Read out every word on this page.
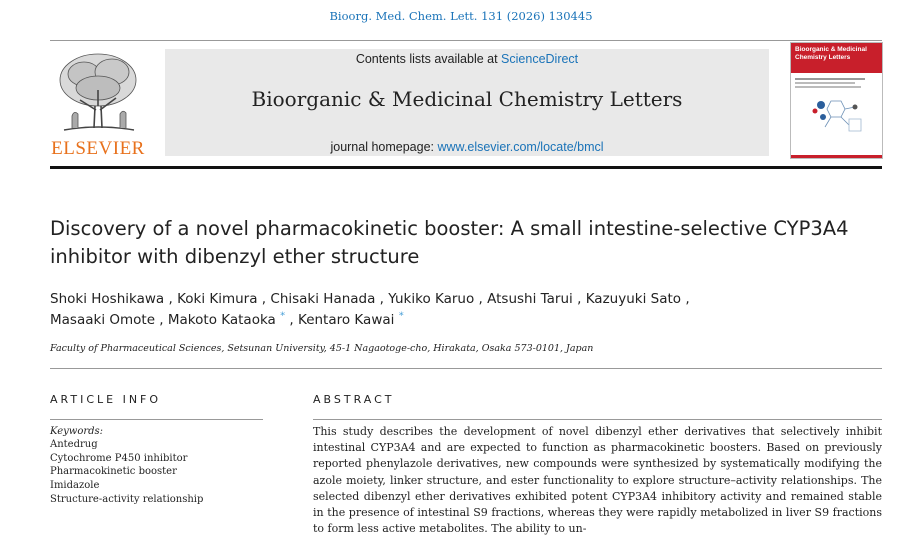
Bioorg. Med. Chem. Lett. 131 (2026) 130445
ELSEVIER
Contents lists available at ScienceDirect
Bioorganic & Medicinal Chemistry Letters
journal homepage: www.elsevier.com/locate/bmcl
Bioorganic & Medicinal Chemistry Letters
Discovery of a novel pharmacokinetic booster: A small intestine-selective CYP3A4 inhibitor with dibenzyl ether structure
Shoki Hoshikawa , Koki Kimura , Chisaki Hanada , Yukiko Karuo , Atsushi Tarui , Kazuyuki Sato ,
Masaaki Omote , Makoto Kataoka * , Kentaro Kawai *
Faculty of Pharmaceutical Sciences, Setsunan University, 45-1 Nagaotoge-cho, Hirakata, Osaka 573-0101, Japan
ARTICLE INFO	ABSTRACT
Keywords:
Antedrug
Cytochrome P450 inhibitor
Pharmacokinetic booster
Imidazole
Structure-activity relationship

This study describes the development of novel dibenzyl ether derivatives that selectively inhibit intestinal CYP3A4 and are expected to function as pharmacokinetic boosters. Based on previously reported phenylazole derivatives, new compounds were synthesized by systematically modifying the azole moiety, linker structure, and ester functionality to explore structure–activity relationships. The selected dibenzyl ether derivatives exhibited potent CYP3A4 inhibitory activity and remained stable in the presence of intestinal S9 fractions, whereas they were rapidly metabolized in liver S9 fractions to form less active metabolites. The ability to un-
